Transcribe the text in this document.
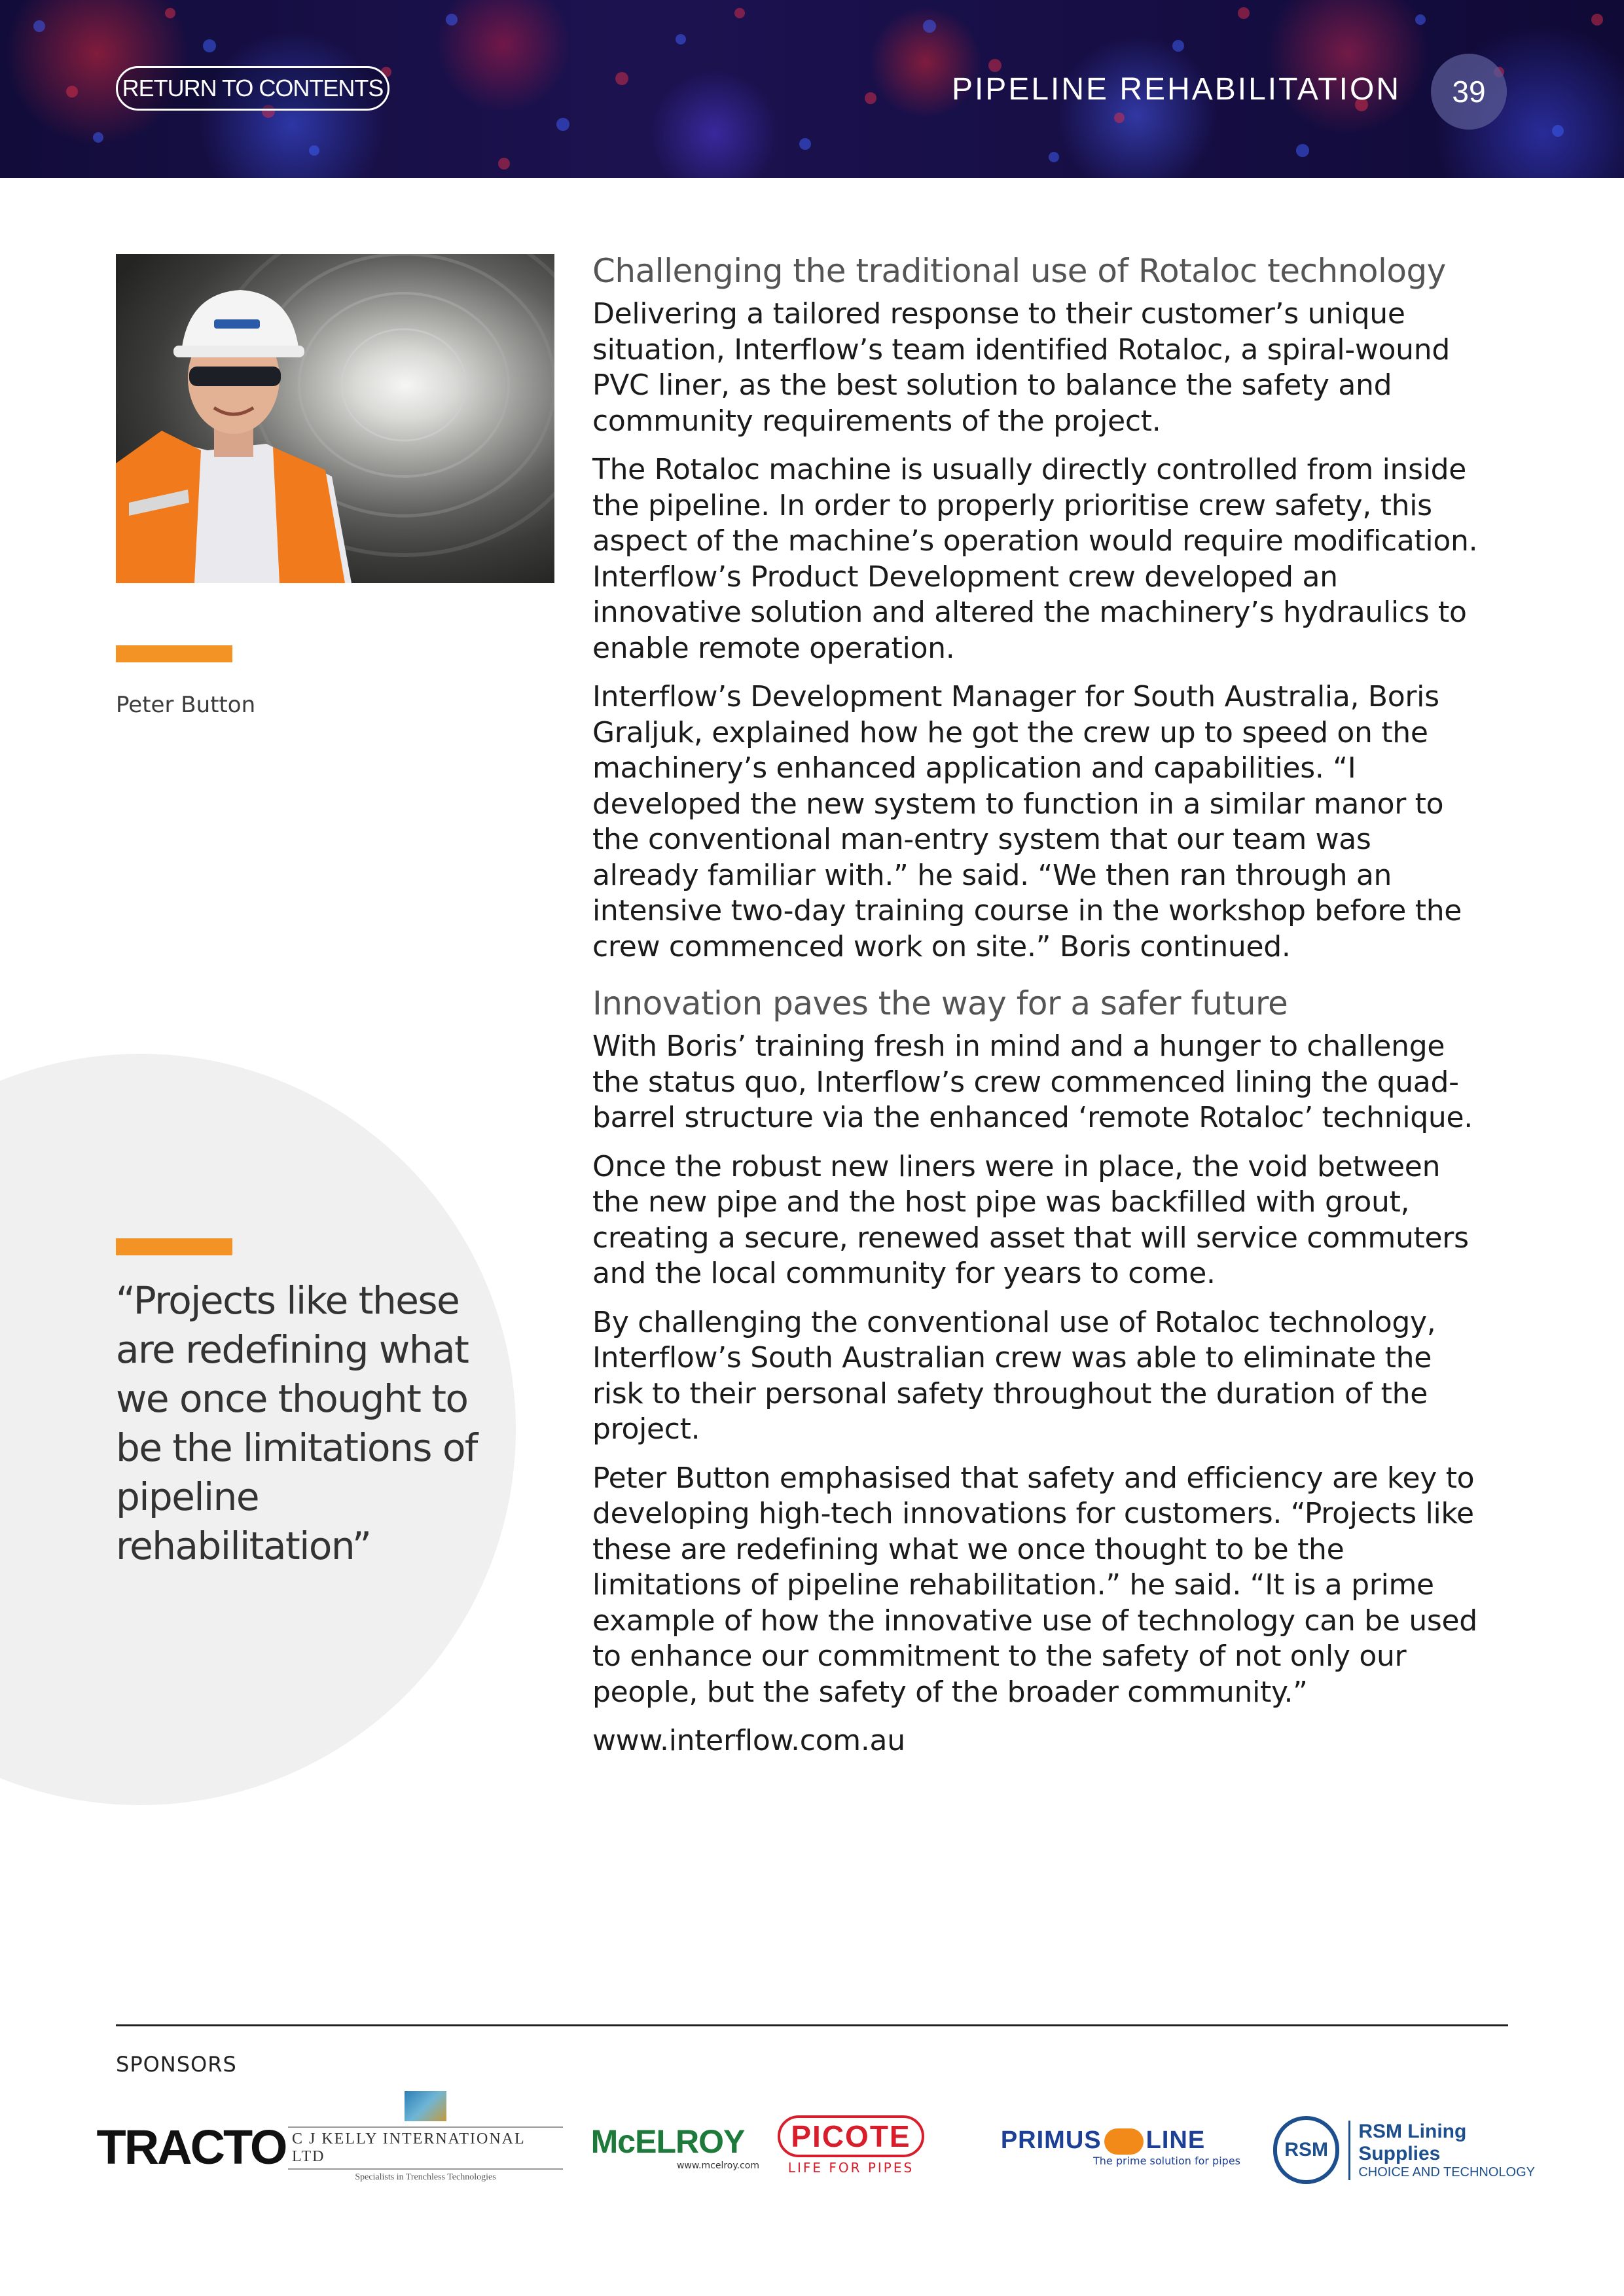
RETURN TO CONTENTS	PIPELINE REHABILITATION	39
Peter Button
“Projects like these are redefining what we once thought to be the limitations of pipeline rehabilitation”
Challenging the traditional use of Rotaloc technology

Delivering a tailored response to their customer’s unique situation, Interflow’s team identified Rotaloc, a spiral-wound PVC liner, as the best solution to balance the safety and community requirements of the project.

The Rotaloc machine is usually directly controlled from inside the pipeline. In order to properly prioritise crew safety, this aspect of the machine’s operation would require modification. Interflow’s Product Development crew developed an innovative solution and altered the machinery’s hydraulics to enable remote operation.

Interflow’s Development Manager for South Australia, Boris Graljuk, explained how he got the crew up to speed on the machinery’s enhanced application and capabilities. “I developed the new system to function in a similar manor to the conventional man-entry system that our team was already familiar with.” he said. “We then ran through an intensive two-day training course in the workshop before the crew commenced work on site.” Boris continued.

Innovation paves the way for a safer future

With Boris’ training fresh in mind and a hunger to challenge the status quo, Interflow’s crew commenced lining the quad-barrel structure via the enhanced ‘remote Rotaloc’ technique.

Once the robust new liners were in place, the void between the new pipe and the host pipe was backfilled with grout, creating a secure, renewed asset that will service commuters and the local community for years to come.

By challenging the conventional use of Rotaloc technology, Interflow’s South Australian crew was able to eliminate the risk to their personal safety throughout the duration of the project.

Peter Button emphasised that safety and efficiency are key to developing high-tech innovations for customers. “Projects like these are redefining what we once thought to be the limitations of pipeline rehabilitation.” he said. “It is a prime example of how the innovative use of technology can be used to enhance our commitment to the safety of not only our people, but the safety of the broader community.”

www.interflow.com.au

SPONSORS
TRACTO C J KELLY INTERNATIONAL LTD
Specialists in Trenchless Technologies
McELROY
www.mcelroy.com
PICOTE
LIFE FOR PIPES
PRIMUS LINE
The prime solution for pipes
RSM
RSM Lining Supplies
CHOICE AND TECHNOLOGY
